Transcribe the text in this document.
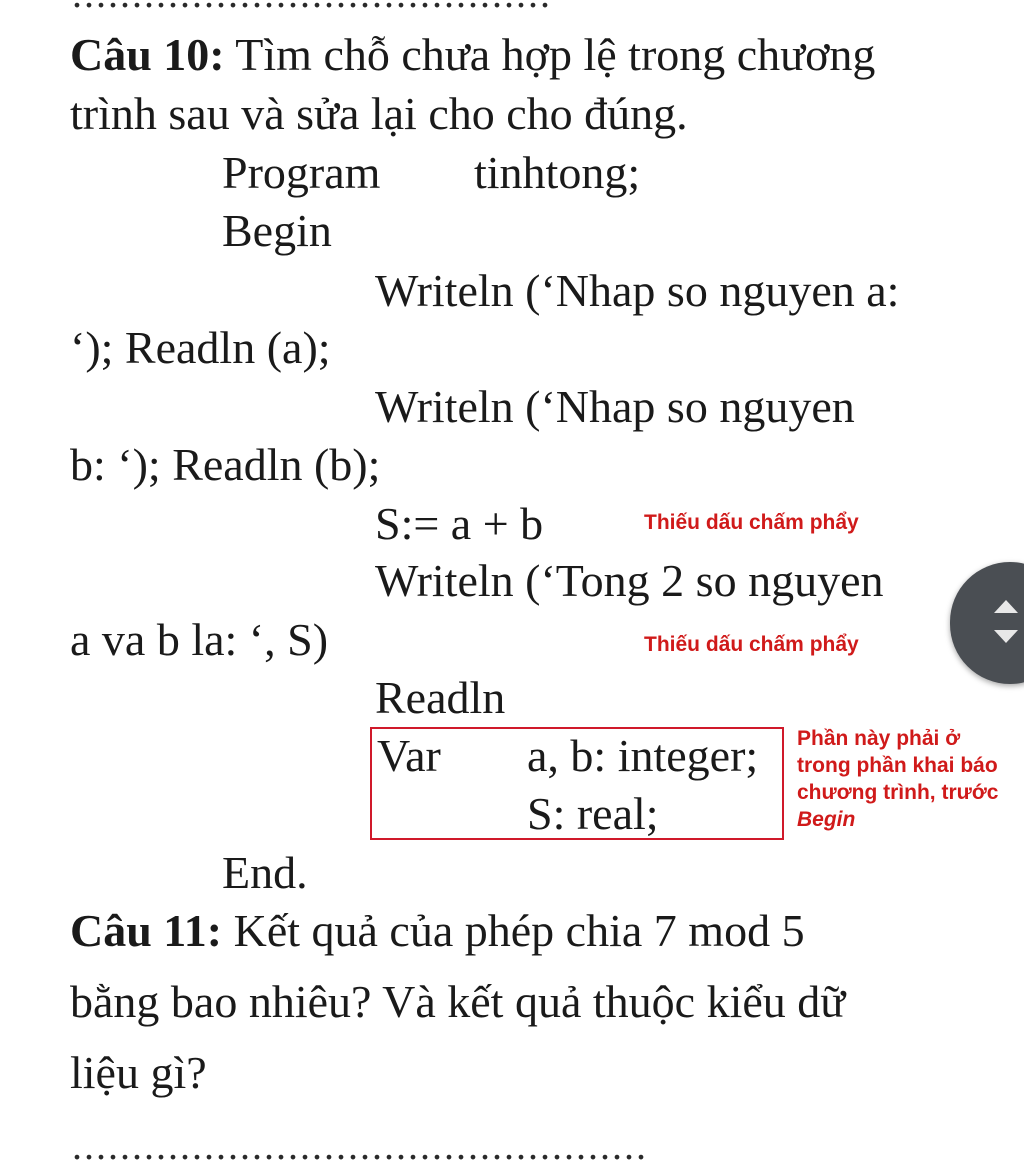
Câu 10: Tìm chỗ chưa hợp lệ trong chương
trình sau và sửa lại cho cho đúng.
Program tinhtong;
Begin
Writeln (‘Nhap so nguyen a:
‘); Readln (a);
Writeln (‘Nhap so nguyen
b: ‘); Readln (b);
S:= a + b	Thiếu dấu chấm phẩy
Writeln (‘Tong 2 so nguyen
a va b la: ‘, S)	Thiếu dấu chấm phẩy
Readln
Var a, b: integer;
S: real;
Phần này phải ở
trong phần khai báo
chương trình, trước
Begin
End.
Câu 11: Kết quả của phép chia 7 mod 5
bằng bao nhiêu? Và kết quả thuộc kiểu dữ
liệu gì?
................................................
